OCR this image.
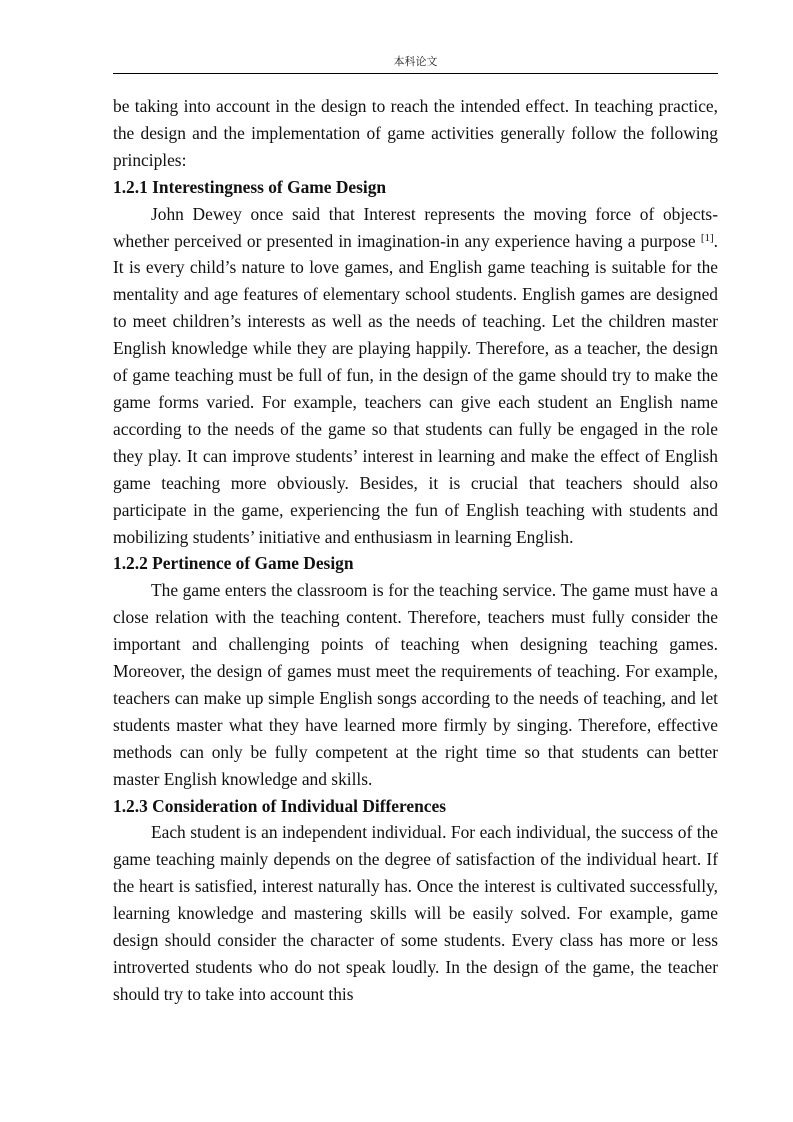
本科论文

be taking into account in the design to reach the intended effect. In teaching practice, the design and the implementation of game activities generally follow the following principles:

1.2.1 Interestingness of Game Design

John Dewey once said that Interest represents the moving force of objects-whether perceived or presented in imagination-in any experience having a purpose [1]. It is every child’s nature to love games, and English game teaching is suitable for the mentality and age features of elementary school students. English games are designed to meet children’s interests as well as the needs of teaching. Let the children master English knowledge while they are playing happily. Therefore, as a teacher, the design of game teaching must be full of fun, in the design of the game should try to make the game forms varied. For example, teachers can give each student an English name according to the needs of the game so that students can fully be engaged in the role they play. It can improve students’ interest in learning and make the effect of English game teaching more obviously. Besides, it is crucial that teachers should also participate in the game, experiencing the fun of English teaching with students and mobilizing students’ initiative and enthusiasm in learning English.

1.2.2 Pertinence of Game Design

The game enters the classroom is for the teaching service. The game must have a close relation with the teaching content. Therefore, teachers must fully consider the important and challenging points of teaching when designing teaching games. Moreover, the design of games must meet the requirements of teaching. For example, teachers can make up simple English songs according to the needs of teaching, and let students master what they have learned more firmly by singing. Therefore, effective methods can only be fully competent at the right time so that students can better master English knowledge and skills.

1.2.3 Consideration of Individual Differences

Each student is an independent individual. For each individual, the success of the game teaching mainly depends on the degree of satisfaction of the individual heart. If the heart is satisfied, interest naturally has. Once the interest is cultivated successfully, learning knowledge and mastering skills will be easily solved. For example, game design should consider the character of some students. Every class has more or less introverted students who do not speak loudly. In the design of the game, the teacher should try to take into account this
